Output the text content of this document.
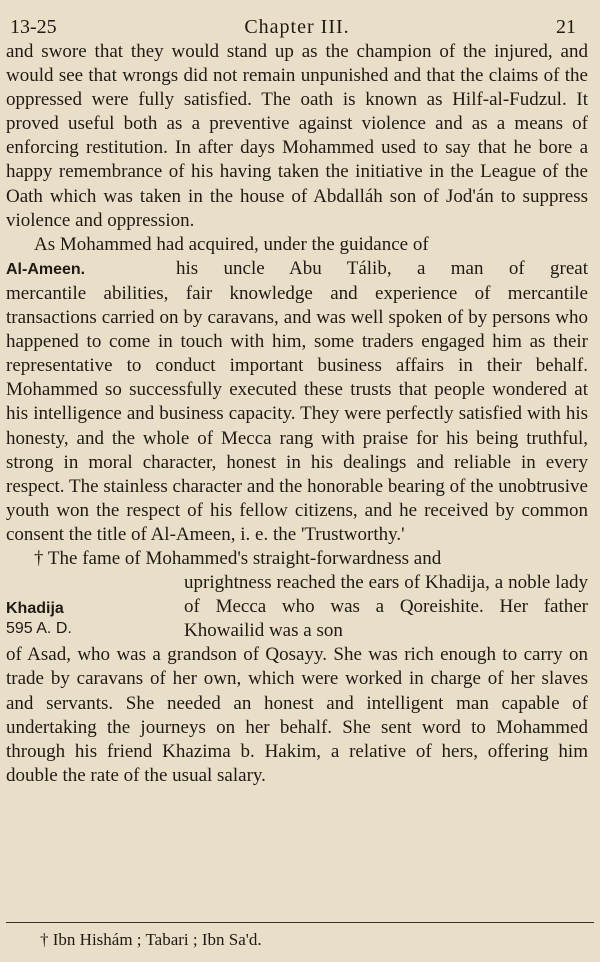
13-25	Chapter III.	21

and swore that they would stand up as the champion of the injured, and would see that wrongs did not remain unpunished and that the claims of the oppressed were fully satisfied. The oath is known as Hilf-al-Fudzul. It proved useful both as a preventive against violence and as a means of enforcing restitution. In after days Mohammed used to say that he bore a happy remembrance of his having taken the initiative in the League of the Oath which was taken in the house of Abdalláh son of Jod'án to suppress violence and oppression.

As Mohammed had acquired, under the guidance of

Al-Ameen.	his uncle Abu Tálib, a man of great

mercantile abilities, fair knowledge and experience of mercantile transactions carried on by caravans, and was well spoken of by persons who happened to come in touch with him, some traders engaged him as their representative to conduct important business affairs in their behalf. Mohammed so successfully executed these trusts that people wondered at his intelligence and business capacity. They were perfectly satisfied with his honesty, and the whole of Mecca rang with praise for his being truthful, strong in moral character, honest in his dealings and reliable in every respect. The stainless character and the honorable bearing of the unobtrusive youth won the respect of his fellow citizens, and he received by common consent the title of Al-Ameen, i. e. the 'Trustworthy.'

† The fame of Mohammed's straight-forwardness and

Khadija
595 A. D.

uprightness reached the ears of Khadija, a noble lady of Mecca who was a Qoreishite. Her father Khowailid was a son

of Asad, who was a grandson of Qosayy. She was rich enough to carry on trade by caravans of her own, which were worked in charge of her slaves and servants. She needed an honest and intelligent man capable of undertaking the journeys on her behalf. She sent word to Mohammed through his friend Khazima b. Hakim, a relative of hers, offering him double the rate of the usual salary.

† Ibn Hishám ; Tabari ; Ibn Sa'd.
